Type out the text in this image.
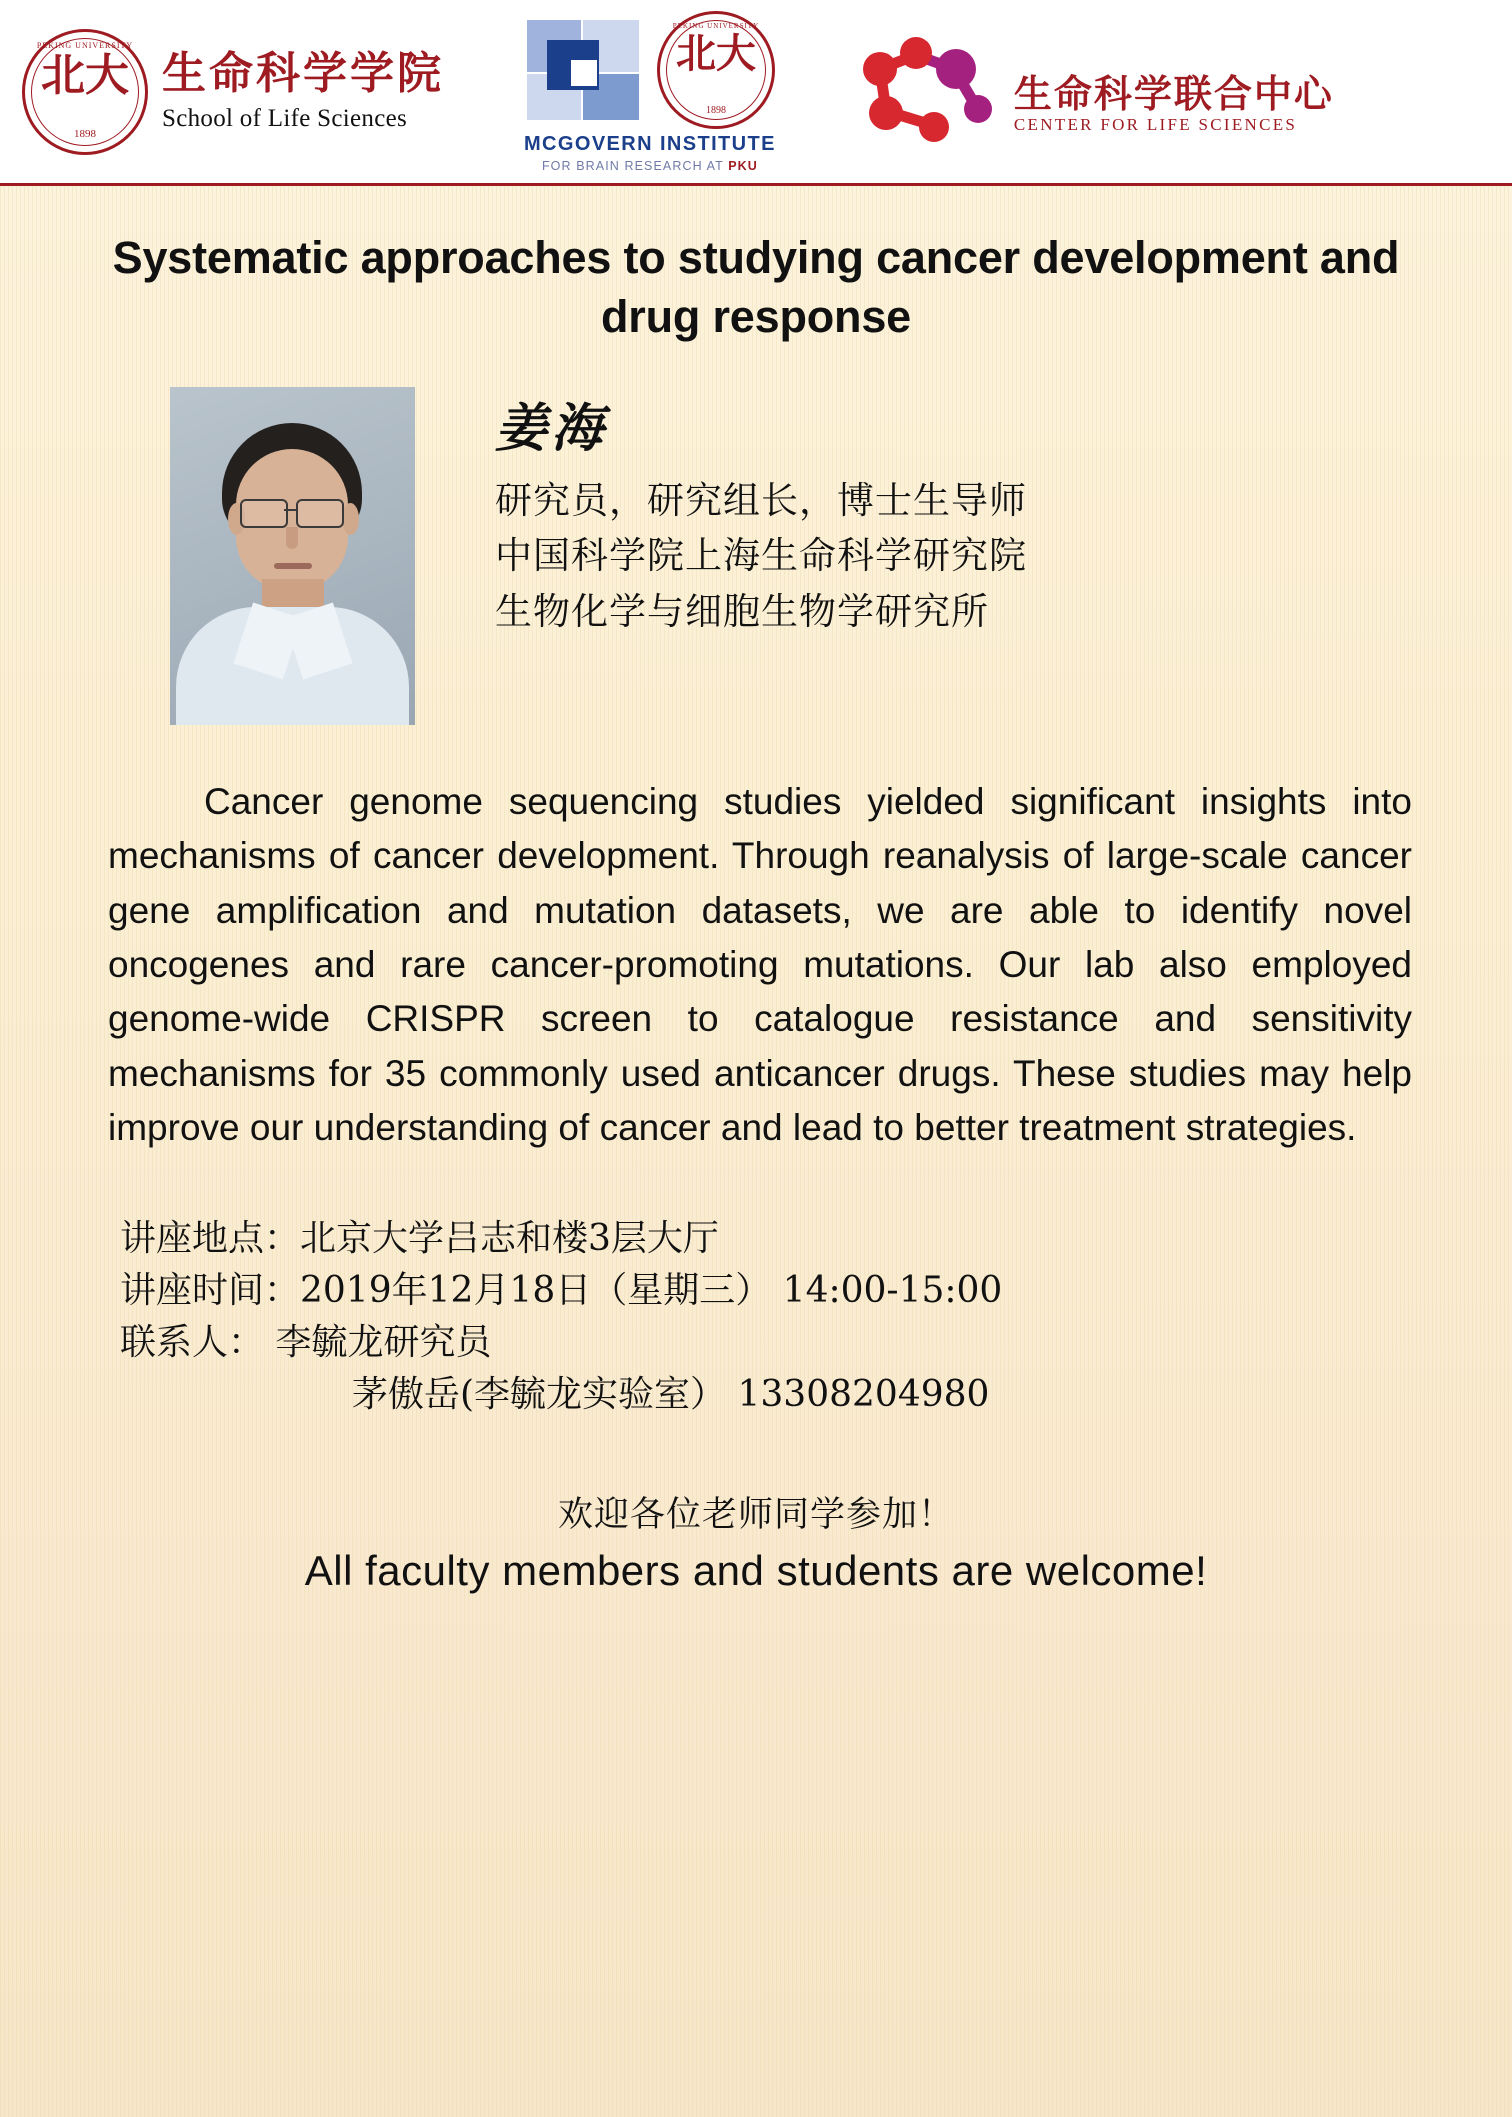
PEKING UNIVERSITY
北大
1898
生命科学学院
School of Life Sciences
PEKING UNIVERSITY
北大
1898
MCGOVERN INSTITUTE
FOR BRAIN RESEARCH AT PKU
生命科学联合中心
CENTER FOR LIFE SCIENCES
Systematic approaches to studying cancer development and drug response
姜海
研究员，研究组长，博士生导师
中国科学院上海生命科学研究院
生物化学与细胞生物学研究所
Cancer genome sequencing studies yielded significant insights into mechanisms of cancer development. Through reanalysis of large-scale cancer gene amplification and mutation datasets, we are able to identify novel oncogenes and rare cancer-promoting mutations. Our lab also employed genome-wide CRISPR screen to catalogue resistance and sensitivity mechanisms for 35 commonly used anticancer drugs. These studies may help improve our understanding of cancer and lead to better treatment strategies.
讲座地点：北京大学吕志和楼3层大厅
讲座时间：2019年12月18日（星期三） 14:00-15:00
联系人： 李毓龙研究员
茅傲岳(李毓龙实验室） 13308204980
欢迎各位老师同学参加！
All faculty members and students are welcome!
